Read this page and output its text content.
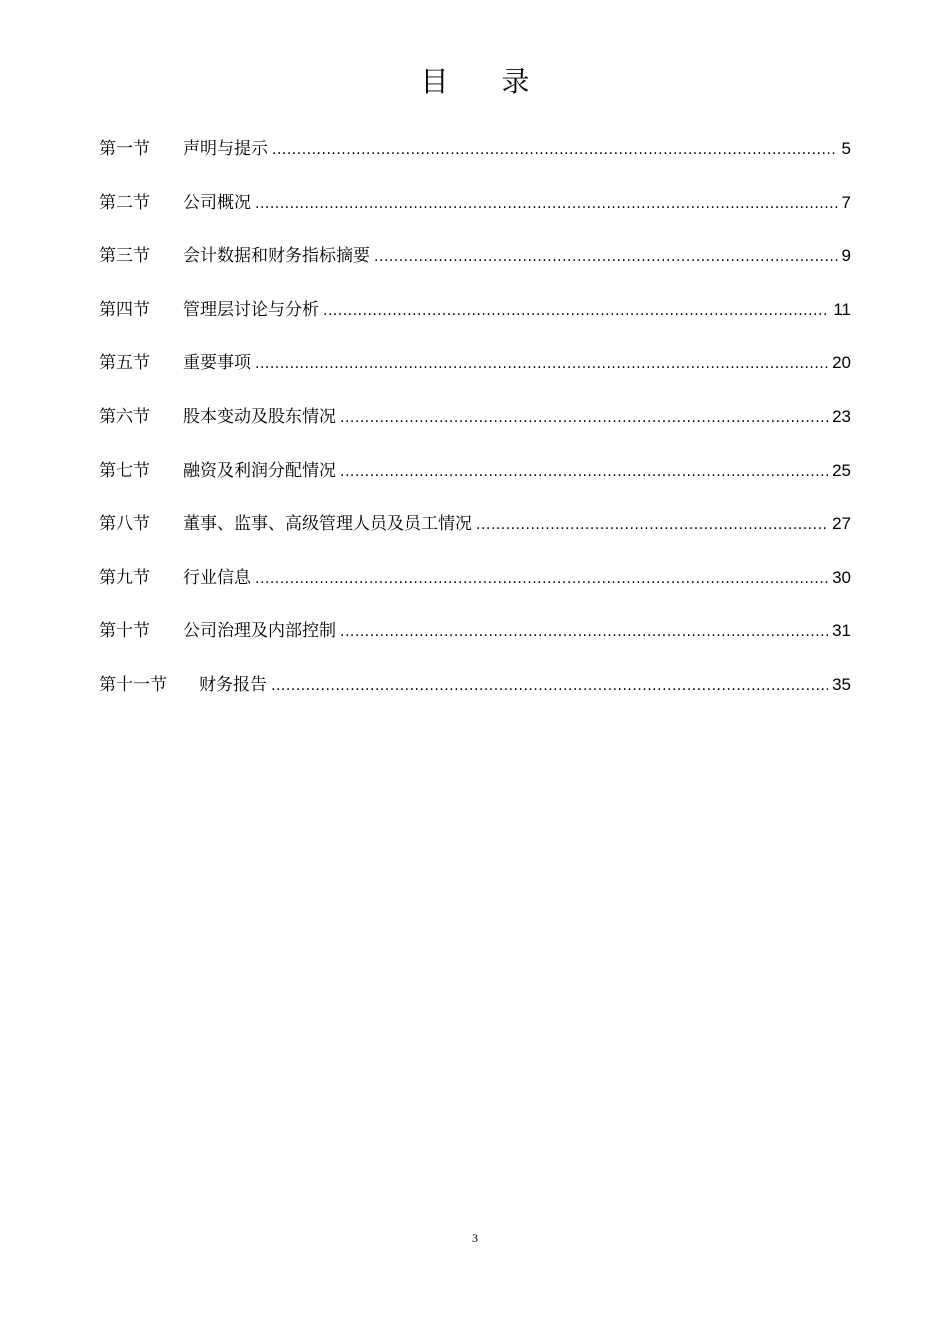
目 录
第一节	声明与提示 .....	5
第二节	公司概况 .....	7
第三节	会计数据和财务指标摘要 .....	9
第四节	管理层讨论与分析 .....	11
第五节	重要事项 .....	20
第六节	股本变动及股东情况 .....	23
第七节	融资及利润分配情况 .....	25
第八节	董事、监事、高级管理人员及员工情况 .....	27
第九节	行业信息 .....	30
第十节	公司治理及内部控制 .....	31
第十一节	财务报告 .....	35
3
